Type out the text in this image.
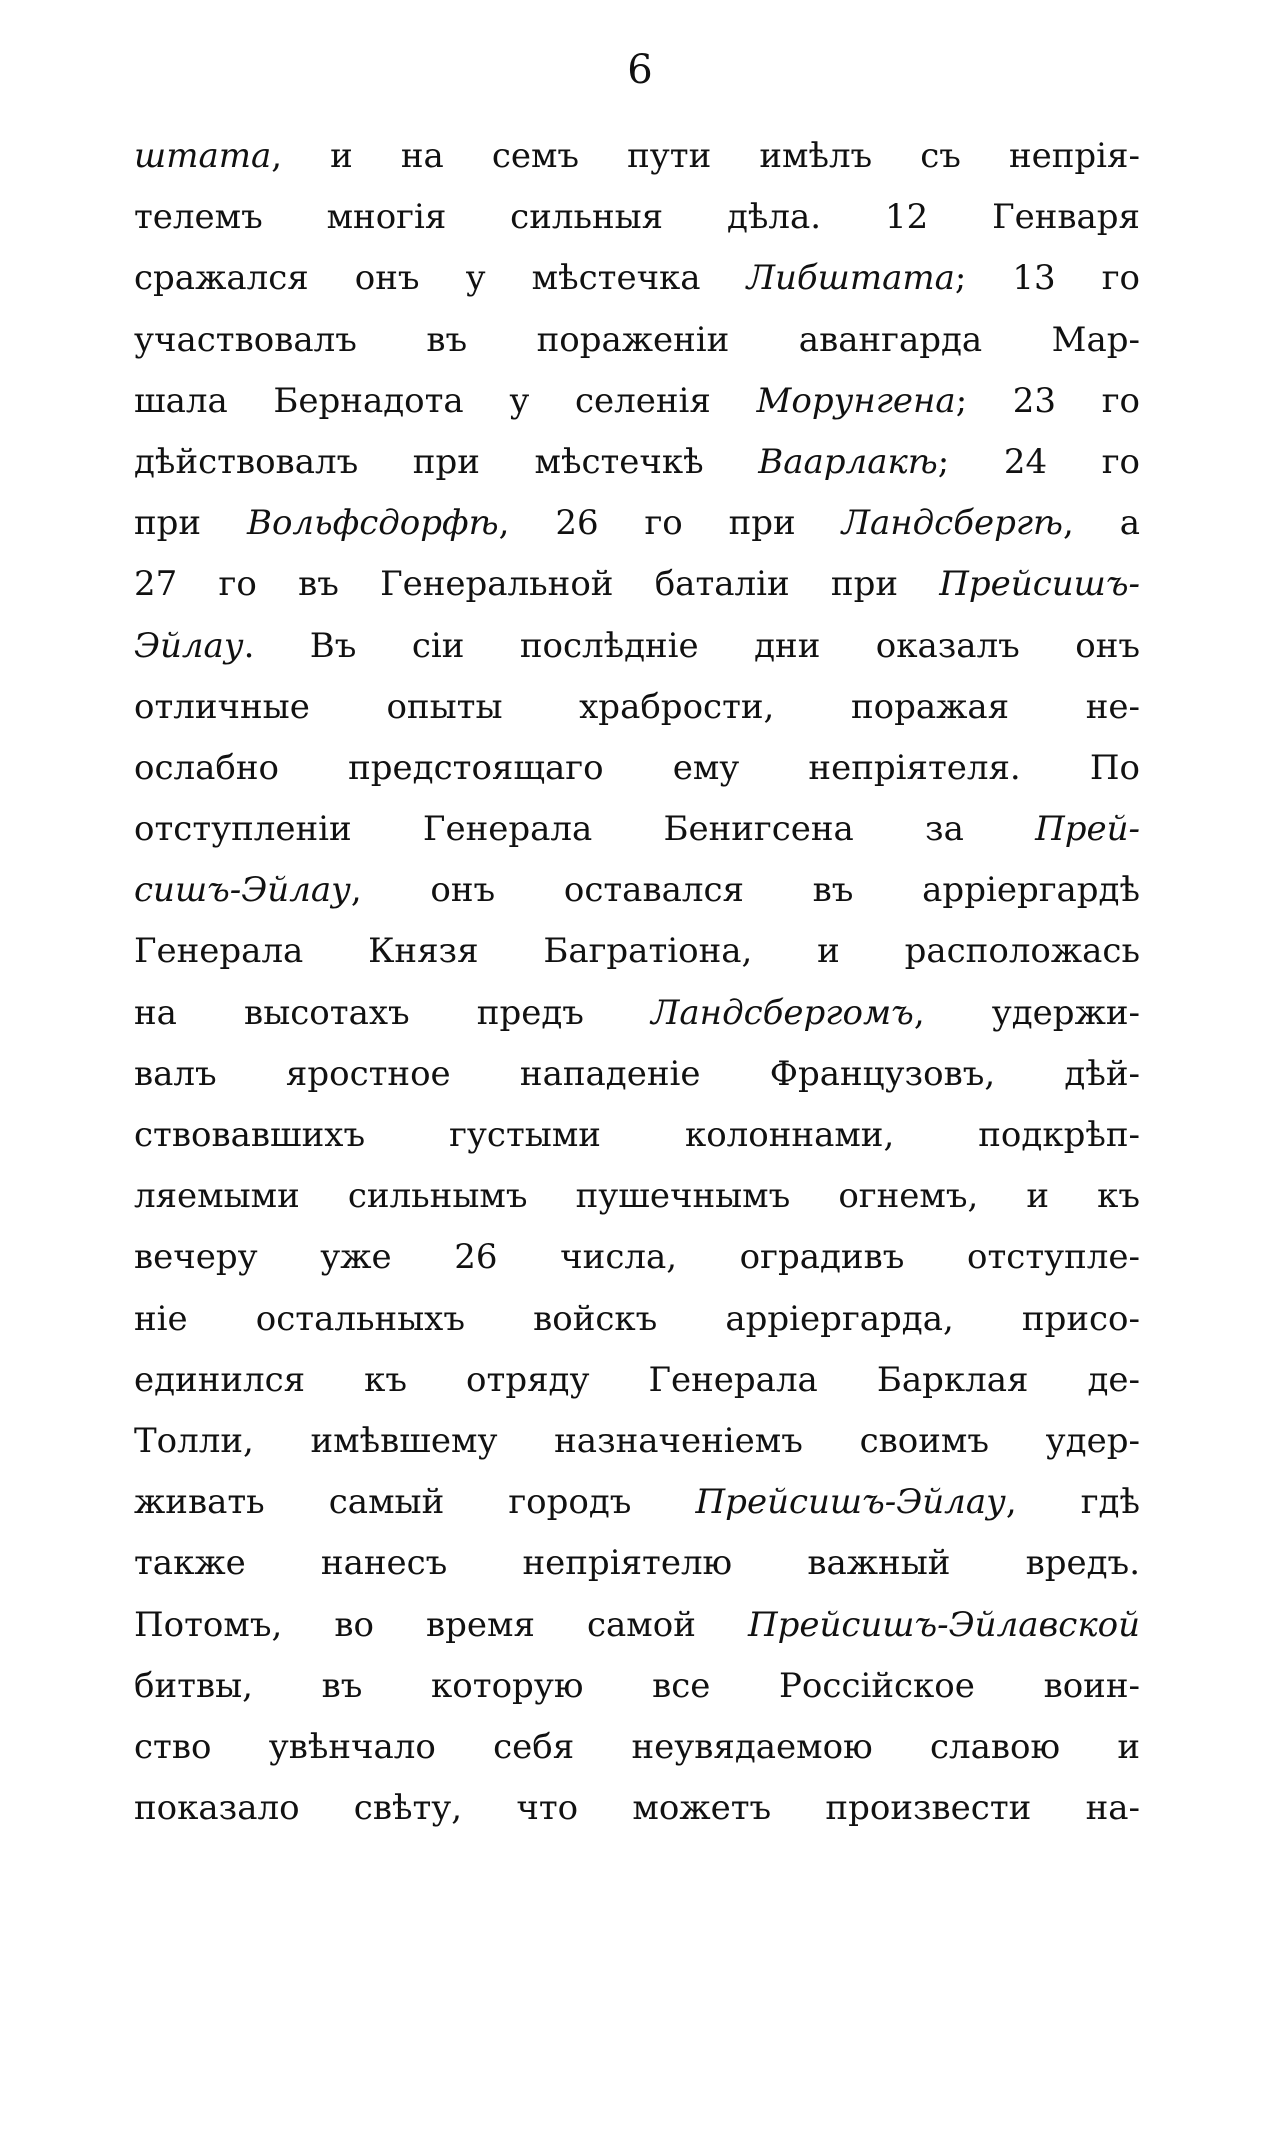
6
штата, и на семъ пути имѣлъ съ непрія-
телемъ многія сильныя дѣла. 12 Генваря
сражался онъ у мѣстечка Либштата; 13 го
участвовалъ въ пораженіи авангарда Мар-
шала Бернадота у селенія Морунгена; 23 го
дѣйствовалъ при мѣстечкѣ Ваарлакѣ; 24 го
при Вольфсдорфѣ, 26 го при Ландсбергѣ, а
27 го въ Генеральной баталіи при Прейсишъ-
Эйлау. Въ сіи послѣдніе дни оказалъ онъ
отличные опыты храбрости, поражая не-
ослабно предстоящаго ему непріятеля. По
отступленіи Генерала Бенигсена за Прей-
сишъ-Эйлау, онъ оставался въ арріергардѣ
Генерала Князя Багратіона, и расположась
на высотахъ предъ Ландсбергомъ, удержи-
валъ яростное нападеніе Французовъ, дѣй-
ствовавшихъ густыми колоннами, подкрѣп-
ляемыми сильнымъ пушечнымъ огнемъ, и къ
вечеру уже 26 числа, оградивъ отступле-
ніе остальныхъ войскъ арріергарда, присо-
единился къ отряду Генерала Барклая де-
Толли, имѣвшему назначеніемъ своимъ удер-
живать самый городъ Прейсишъ-Эйлау, гдѣ
также нанесъ непріятелю важный вредъ.
Потомъ, во время самой Прейсишъ-Эйлавской
битвы, въ которую все Россійское воин-
ство увѣнчало себя неувядаемою славою и
показало свѣту, что можетъ произвести на-
